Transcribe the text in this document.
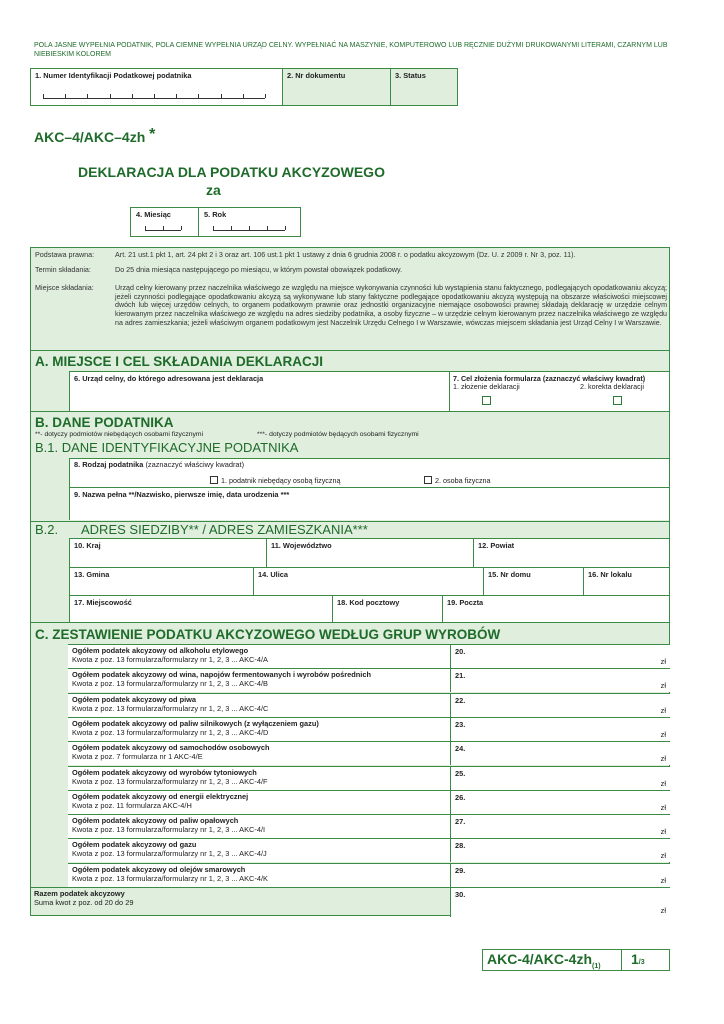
POLA JASNE WYPEŁNIA PODATNIK, POLA CIEMNE WYPEŁNIA URZĄD CELNY. WYPEŁNIAĆ NA MASZYNIE, KOMPUTEROWO LUB RĘCZNIE DUŻYMI DRUKOWANYMI LITERAMI, CZARNYM LUB NIEBIESKIM KOLOREM
1. Numer Identyfikacji Podatkowej podatnika	2. Nr dokumentu	3. Status
AKC–4/AKC–4zh *
DEKLARACJA DLA PODATKU AKCYZOWEGO
za
4. Miesiąc	5. Rok
Podstawa prawna:	Art. 21 ust.1 pkt 1, art. 24 pkt 2 i 3 oraz art. 106 ust.1 pkt 1 ustawy z dnia 6 grudnia 2008 r. o podatku akcyzowym (Dz. U. z 2009 r. Nr 3, poz. 11).
Termin składania:	Do 25 dnia miesiąca następującego po miesiącu, w którym powstał obowiązek podatkowy.
Miejsce składania:	Urząd celny kierowany przez naczelnika właściwego ze względu na miejsce wykonywania czynności lub wystąpienia stanu faktycznego, podlegających opodatkowaniu akcyzą; jeżeli czynności podlegające opodatkowaniu akcyzą są wykonywane lub stany faktyczne podlegające opodatkowaniu akcyzą występują na obszarze właściwości miejscowej dwóch lub więcej urzędów celnych, to organem podatkowym prawnie oraz jednostki organizacyjne niemające osobowości prawnej składają deklarację w urzędzie celnym kierowanym przez naczelnika właściwego ze względu na adres siedziby podatnika, a osoby fizyczne – w urzędzie celnym kierowanym przez naczelnika właściwego ze względu na adres zamieszkania; jeżeli właściwym organem podatkowym jest Naczelnik Urzędu Celnego I w Warszawie, wówczas miejscem składania jest Urząd Celny I w Warszawie.
A. MIEJSCE I CEL SKŁADANIA DEKLARACJI
6. Urząd celny, do którego adresowana jest deklaracja	7. Cel złożenia formularza (zaznaczyć właściwy kwadrat)
1. złożenie deklaracji	2. korekta deklaracji
B. DANE PODATNIKA
**- dotyczy podmiotów niebędących osobami fizycznymi	***- dotyczy podmiotów będących osobami fizycznymi
B.1. DANE IDENTYFIKACYJNE PODATNIKA
8. Rodzaj podatnika (zaznaczyć właściwy kwadrat)
1. podatnik niebędący osobą fizyczną	2. osoba fizyczna
9. Nazwa pełna **/Nazwisko, pierwsze imię, data urodzenia ***
B.2. ADRES SIEDZIBY** / ADRES ZAMIESZKANIA***
10. Kraj	11. Województwo	12. Powiat
13. Gmina	14. Ulica	15. Nr domu	16. Nr lokalu
17. Miejscowość	18. Kod pocztowy	19. Poczta
C. ZESTAWIENIE PODATKU AKCYZOWEGO WEDŁUG GRUP WYROBÓW
Ogółem podatek akcyzowy od alkoholu etylowego
Kwota z poz. 13 formularza/formularzy nr 1, 2, 3 ... AKC-4/A
20.
zł
Ogółem podatek akcyzowy od wina, napojów fermentowanych i wyrobów pośrednich
Kwota z poz. 13 formularza/formularzy nr 1, 2, 3 ... AKC-4/B
21.
zł
Ogółem podatek akcyzowy od piwa
Kwota z poz. 13 formularza/formularzy nr 1, 2, 3 ... AKC-4/C
22.
zł
Ogółem podatek akcyzowy od paliw silnikowych (z wyłączeniem gazu)
Kwota z poz. 13 formularza/formularzy nr 1, 2, 3 ... AKC-4/D
23.
zł
Ogółem podatek akcyzowy od samochodów osobowych
Kwota z poz. 7 formularza nr 1 AKC-4/E
24.
zł
Ogółem podatek akcyzowy od wyrobów tytoniowych
Kwota z poz. 13 formularza/formularzy nr 1, 2, 3 ... AKC-4/F
25.
zł
Ogółem podatek akcyzowy od energii elektrycznej
Kwota z poz. 11 formularza AKC-4/H
26.
zł
Ogółem podatek akcyzowy od paliw opałowych
Kwota z poz. 13 formularza/formularzy nr 1, 2, 3 ... AKC-4/I
27.
zł
Ogółem podatek akcyzowy od gazu
Kwota z poz. 13 formularza/formularzy nr 1, 2, 3 ... AKC-4/J
28.
zł
Ogółem podatek akcyzowy od olejów smarowych
Kwota z poz. 13 formularza/formularzy nr 1, 2, 3 ... AKC-4/K
29.
zł
Razem podatek akcyzowy
Suma kwot z poz. od 20 do 29
30.
zł
AKC-$4/AKC-4zh_{(1)}$ 1/3
